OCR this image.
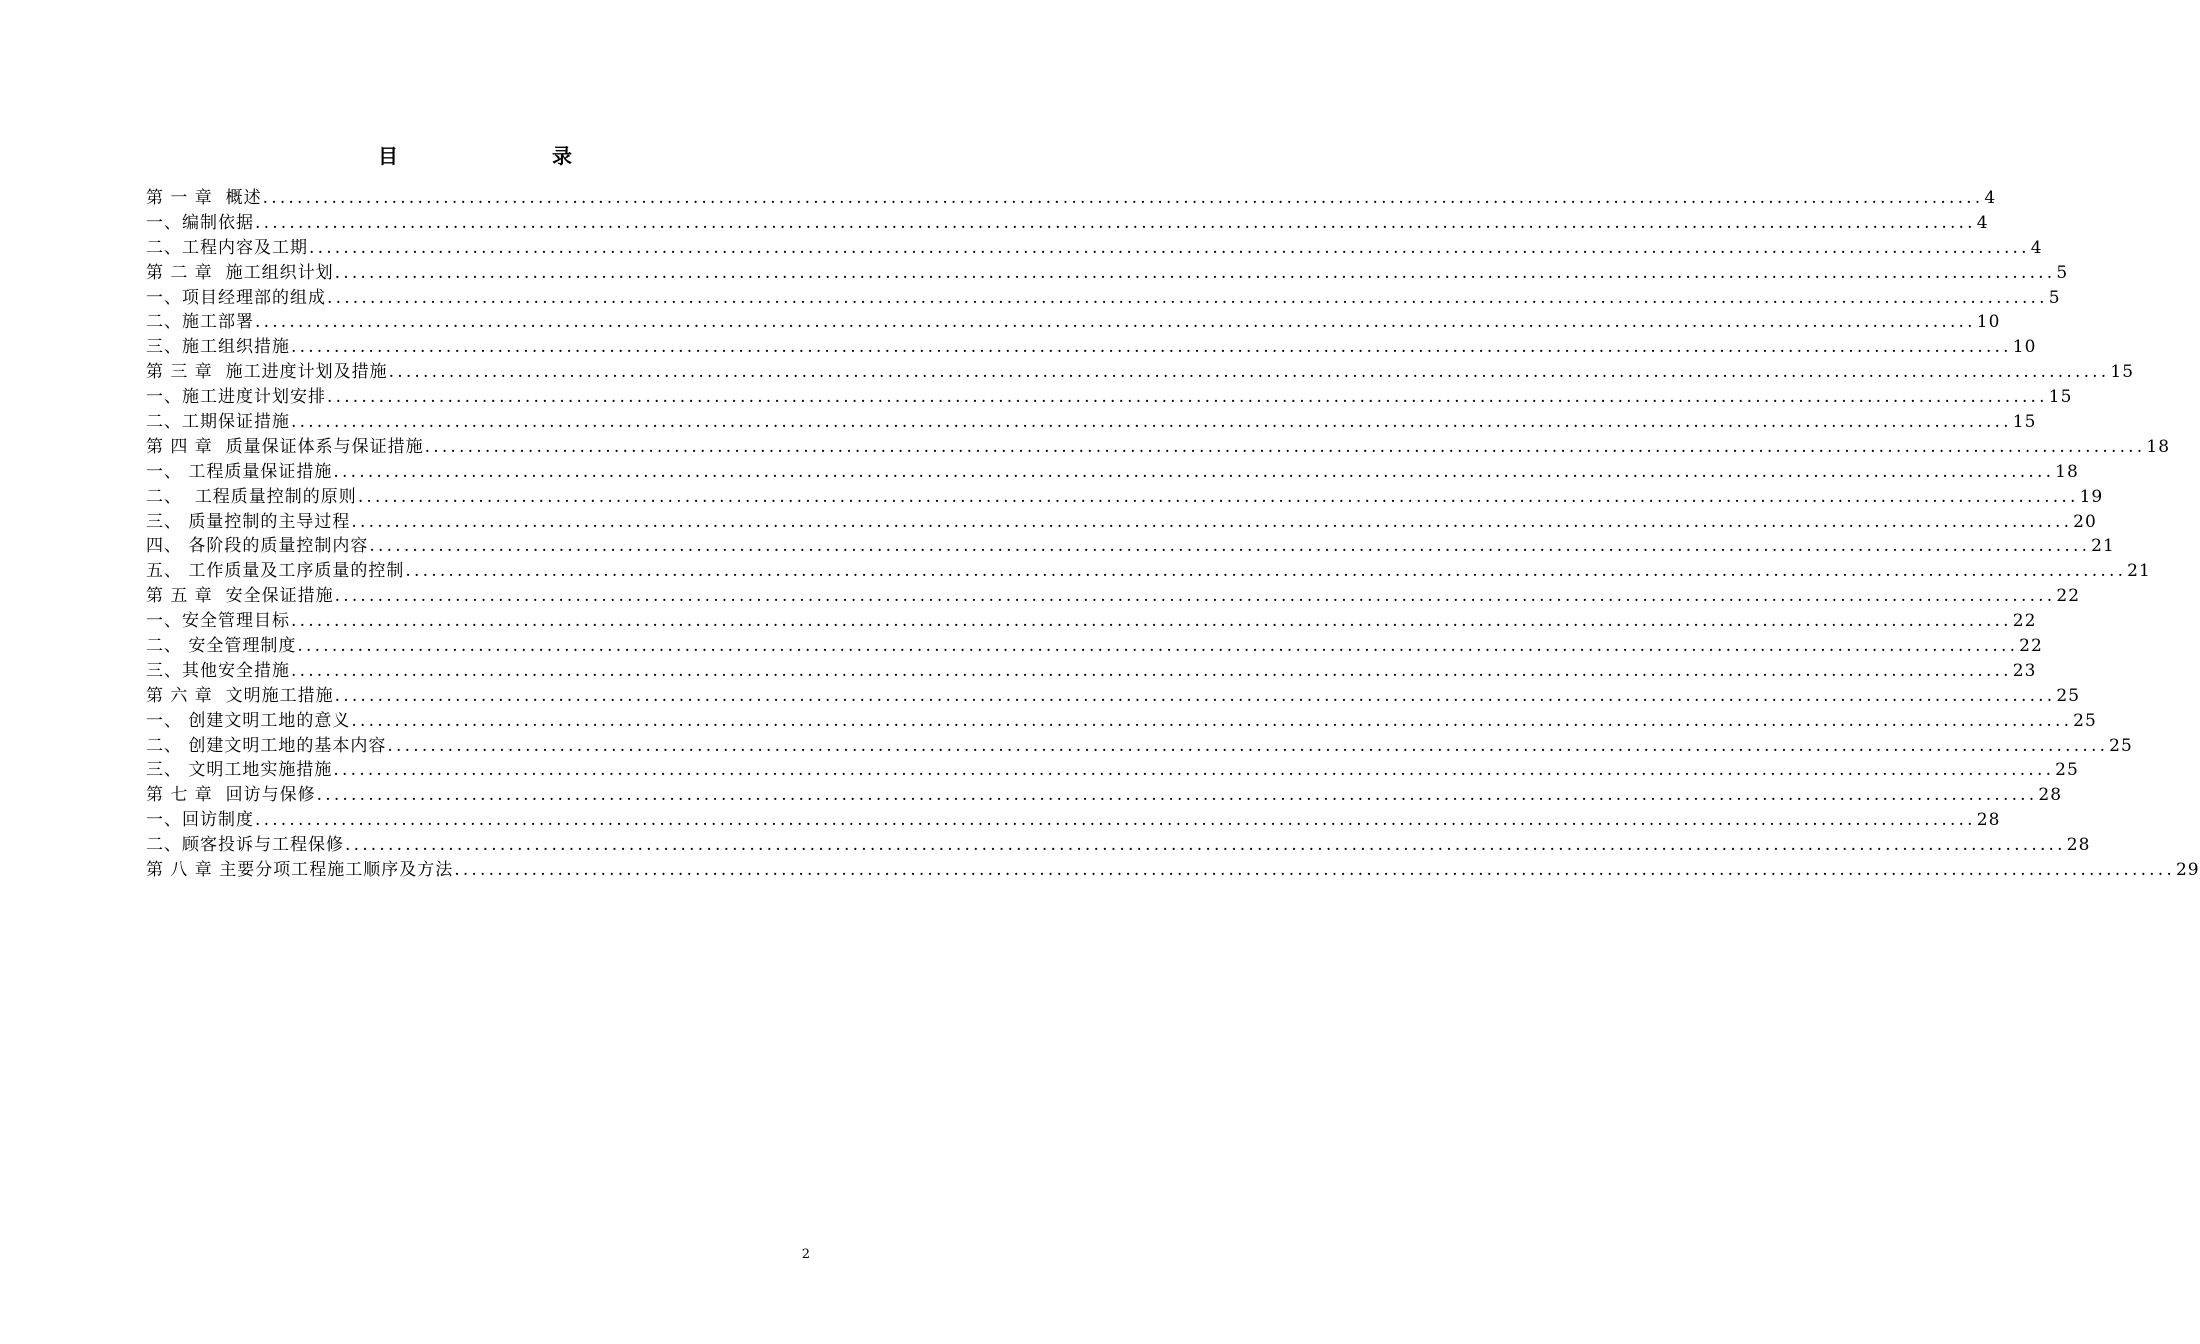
目　　录
第 一 章  概述 ........................................................................................................................................................................................................ 4
一、编制依据 ........................................................................................................................................................................................................ 4
二、工程内容及工期 ........................................................................................................................................................................................................ 4
第 二 章  施工组织计划 ........................................................................................................................................................................................................ 5
一、项目经理部的组成 ........................................................................................................................................................................................................ 5
二、施工部署 ........................................................................................................................................................................................................ 10
三、施工组织措施 ........................................................................................................................................................................................................ 10
第 三 章  施工进度计划及措施 ........................................................................................................................................................................................................ 15
一、施工进度计划安排 ........................................................................................................................................................................................................ 15
二、工期保证措施 ........................................................................................................................................................................................................ 15
第 四 章  质量保证体系与保证措施 ........................................................................................................................................................................................................ 18
一、 工程质量保证措施 ........................................................................................................................................................................................................ 18
二、  工程质量控制的原则 ........................................................................................................................................................................................................ 19
三、 质量控制的主导过程 ........................................................................................................................................................................................................ 20
四、 各阶段的质量控制内容 ........................................................................................................................................................................................................ 21
五、 工作质量及工序质量的控制 ........................................................................................................................................................................................................ 21
第 五 章  安全保证措施 ........................................................................................................................................................................................................ 22
一、安全管理目标 ........................................................................................................................................................................................................ 22
二、 安全管理制度 ........................................................................................................................................................................................................ 22
三、其他安全措施 ........................................................................................................................................................................................................ 23
第 六 章  文明施工措施 ........................................................................................................................................................................................................ 25
一、 创建文明工地的意义 ........................................................................................................................................................................................................ 25
二、 创建文明工地的基本内容 ........................................................................................................................................................................................................ 25
三、 文明工地实施措施 ........................................................................................................................................................................................................ 25
第 七 章  回访与保修 ........................................................................................................................................................................................................ 28
一、回访制度 ........................................................................................................................................................................................................ 28
二、顾客投诉与工程保修 ........................................................................................................................................................................................................ 28
第 八 章 主要分项工程施工顺序及方法 ........................................................................................................................................................................................................ 29
2
